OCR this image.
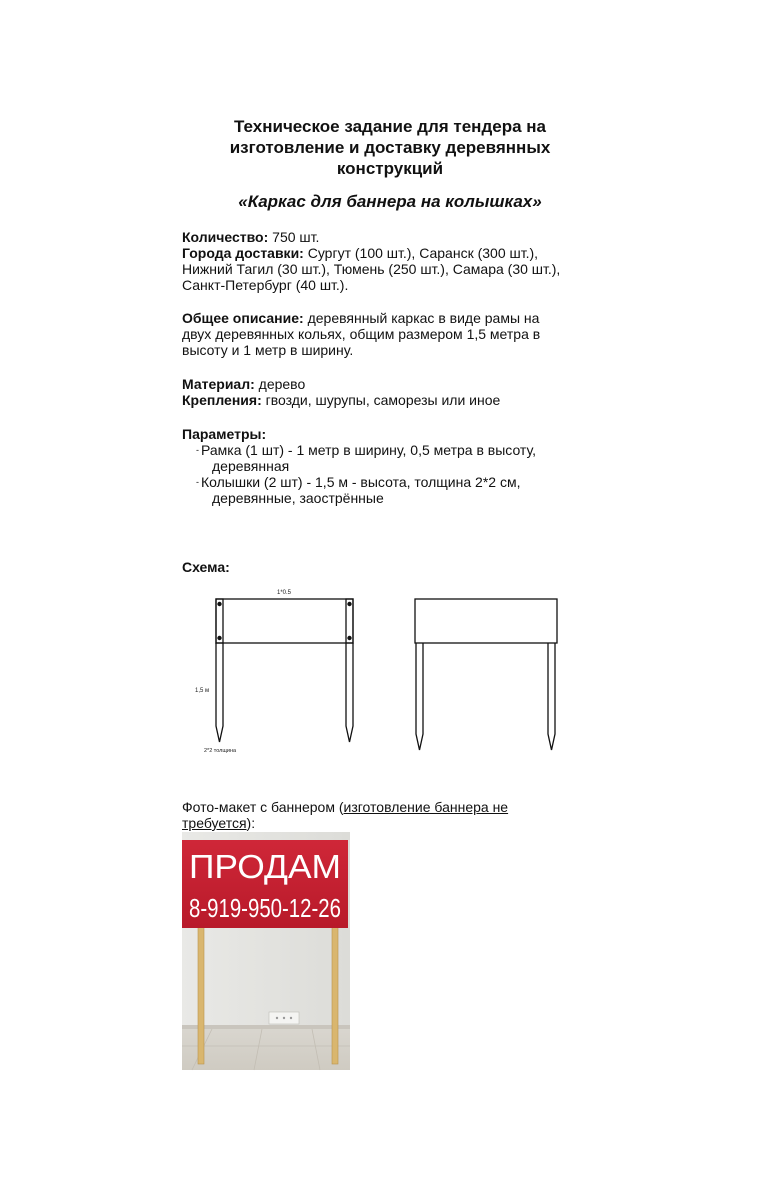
Техническое задание для тендера на
изготовление и доставку деревянных
конструкций
«Каркас для баннера на колышках»
Количество: 750 шт.
Города доставки: Сургут (100 шт.), Саранск (300 шт.),
Нижний Тагил (30 шт.), Тюмень (250 шт.), Самара (30 шт.),
Санкт-Петербург (40 шт.).
Общее описание: деревянный каркас в виде рамы на
двух деревянных кольях, общим размером 1,5 метра в
высоту и 1 метр в ширину.
Материал: дерево
Крепления: гвозди, шурупы, саморезы или иное
Параметры:
- Рамка (1 шт) - 1 метр в ширину, 0,5 метра в высоту,
деревянная
- Колышки (2 шт) - 1,5 м - высота, толщина 2*2 см,
деревянные, заострённые
Схема:
1*0.5
1,5 м
2*2 толщина
Фото-макет с баннером (изготовление баннера не
требуется):
ПРОДАМ
8-919-950-12-26
